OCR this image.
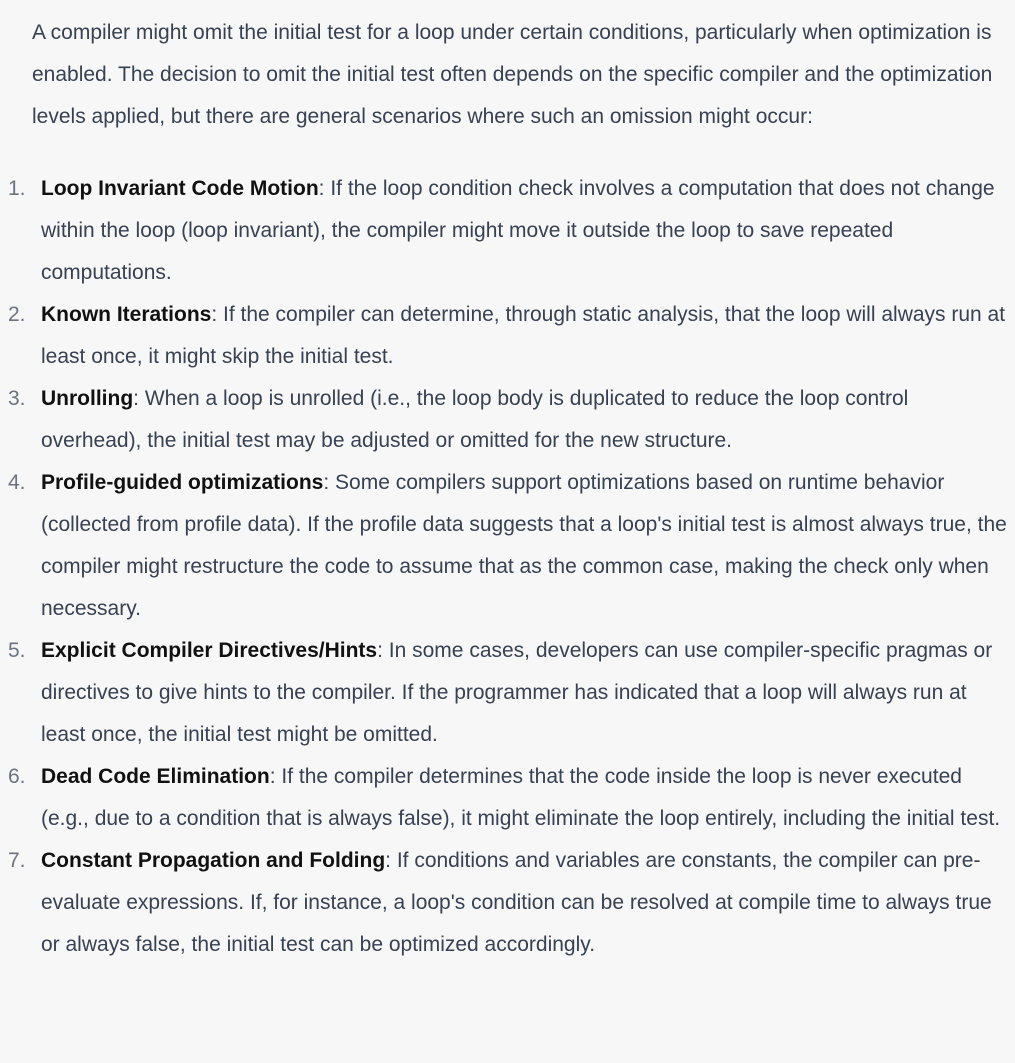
A compiler might omit the initial test for a loop under certain conditions, particularly when optimization is enabled. The decision to omit the initial test often depends on the specific compiler and the optimization levels applied, but there are general scenarios where such an omission might occur:

1. Loop Invariant Code Motion: If the loop condition check involves a computation that does not change within the loop (loop invariant), the compiler might move it outside the loop to save repeated computations.
2. Known Iterations: If the compiler can determine, through static analysis, that the loop will always run at least once, it might skip the initial test.
3. Unrolling: When a loop is unrolled (i.e., the loop body is duplicated to reduce the loop control overhead), the initial test may be adjusted or omitted for the new structure.
4. Profile-guided optimizations: Some compilers support optimizations based on runtime behavior (collected from profile data). If the profile data suggests that a loop's initial test is almost always true, the compiler might restructure the code to assume that as the common case, making the check only when necessary.
5. Explicit Compiler Directives/Hints: In some cases, developers can use compiler-specific pragmas or directives to give hints to the compiler. If the programmer has indicated that a loop will always run at least once, the initial test might be omitted.
6. Dead Code Elimination: If the compiler determines that the code inside the loop is never executed (e.g., due to a condition that is always false), it might eliminate the loop entirely, including the initial test.
7. Constant Propagation and Folding: If conditions and variables are constants, the compiler can pre-evaluate expressions. If, for instance, a loop's condition can be resolved at compile time to always true or always false, the initial test can be optimized accordingly.
